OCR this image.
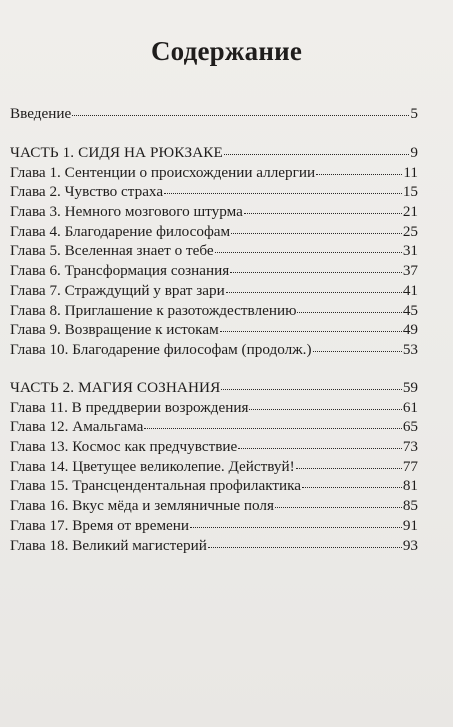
Содержание
Введение	5
ЧАСТЬ 1. СИДЯ НА РЮКЗАКЕ	9
Глава 1. Сентенции о происхождении аллергии	11
Глава 2. Чувство страха	15
Глава 3. Немного мозгового штурма	21
Глава 4. Благодарение философам	25
Глава 5. Вселенная знает о тебе	31
Глава 6. Трансформация сознания	37
Глава 7. Страждущий у врат зари	41
Глава 8. Приглашение к разотождествлению	45
Глава 9. Возвращение к истокам	49
Глава 10. Благодарение философам (продолж.)	53
ЧАСТЬ 2. МАГИЯ СОЗНАНИЯ	59
Глава 11. В преддверии возрождения	61
Глава 12. Амальгама	65
Глава 13. Космос как предчувствие	73
Глава 14. Цветущее великолепие. Действуй!	77
Глава 15. Трансцендентальная профилактика	81
Глава 16. Вкус мёда и земляничные поля	85
Глава 17. Время от времени	91
Глава 18. Великий магистерий	93
